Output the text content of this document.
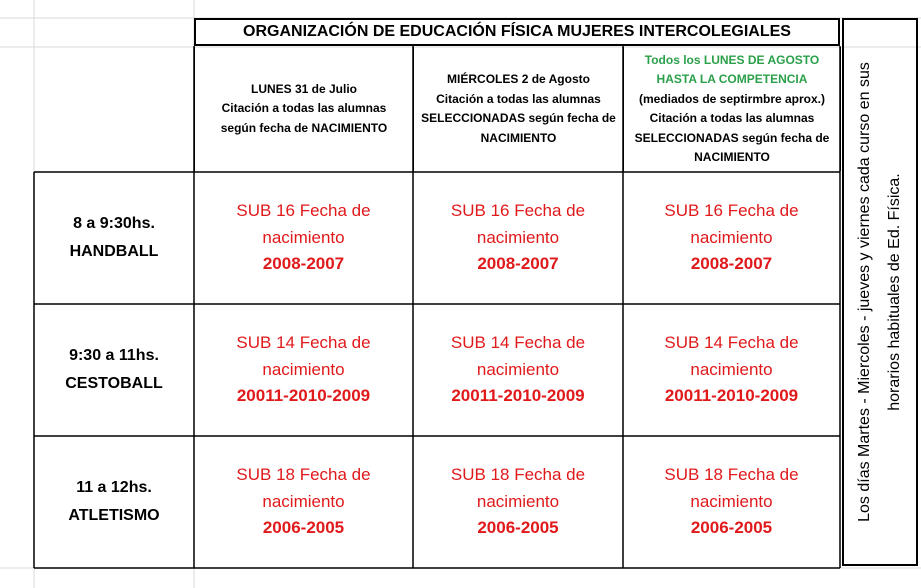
ORGANIZACIÓN DE EDUCACIÓN FÍSICA MUJERES INTERCOLEGIALES
LUNES 31 de Julio
Citación a todas las alumnas
según fecha de NACIMIENTO
MIÉRCOLES 2 de Agosto
Citación a todas las alumnas
SELECCIONADAS según fecha de
NACIMIENTO
Todos los LUNES DE AGOSTO
HASTA LA COMPETENCIA
(mediados de septirmbre aprox.)
Citación a todas las alumnas
SELECCIONADAS según fecha de
NACIMIENTO
8 a 9:30hs.
HANDBALL
SUB 16 Fecha de
nacimiento
2008-2007
SUB 16 Fecha de
nacimiento
2008-2007
SUB 16 Fecha de
nacimiento
2008-2007
9:30 a 11hs.
CESTOBALL
SUB 14 Fecha de
nacimiento
20011-2010-2009
SUB 14 Fecha de
nacimiento
20011-2010-2009
SUB 14 Fecha de
nacimiento
20011-2010-2009
11 a 12hs.
ATLETISMO
SUB 18 Fecha de
nacimiento
2006-2005
SUB 18 Fecha de
nacimiento
2006-2005
SUB 18 Fecha de
nacimiento
2006-2005
Los días Martes - Miercoles - jueves y viernes cada curso en sus horarios habituales de Ed. Física.
